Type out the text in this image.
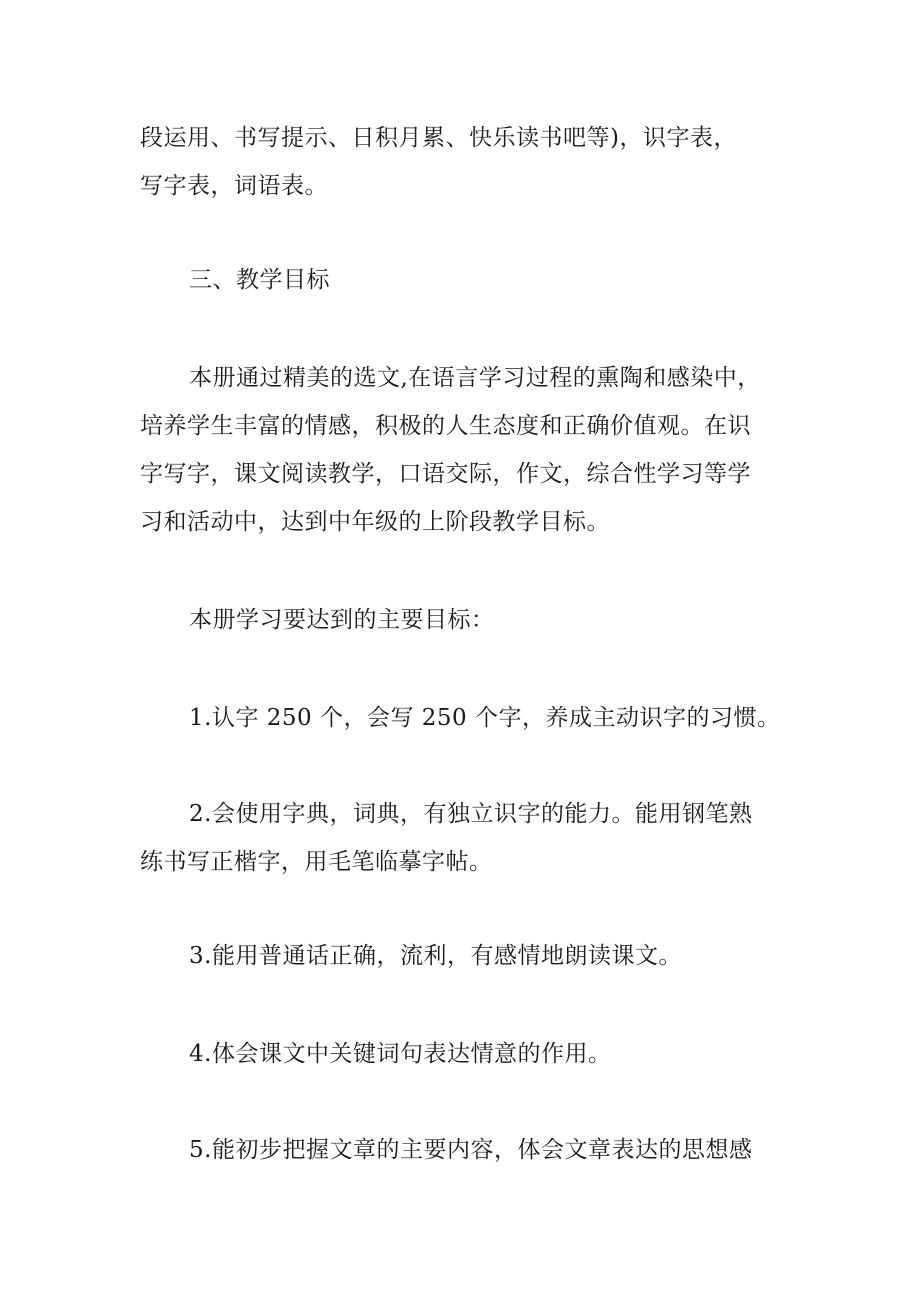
段运用、书写提示、日积月累、快乐读书吧等)，识字表，
写字表，词语表。
三、教学目标
本册通过精美的选文,在语言学习过程的熏陶和感染中，
培养学生丰富的情感，积极的人生态度和正确价值观。在识
字写字，课文阅读教学，口语交际，作文，综合性学习等学
习和活动中，达到中年级的上阶段教学目标。
本册学习要达到的主要目标：
1.认字 250 个，会写 250 个字，养成主动识字的习惯。
2.会使用字典，词典，有独立识字的能力。能用钢笔熟
练书写正楷字，用毛笔临摹字帖。
3.能用普通话正确，流利，有感情地朗读课文。
4.体会课文中关键词句表达情意的作用。
5.能初步把握文章的主要内容，体会文章表达的思想感
